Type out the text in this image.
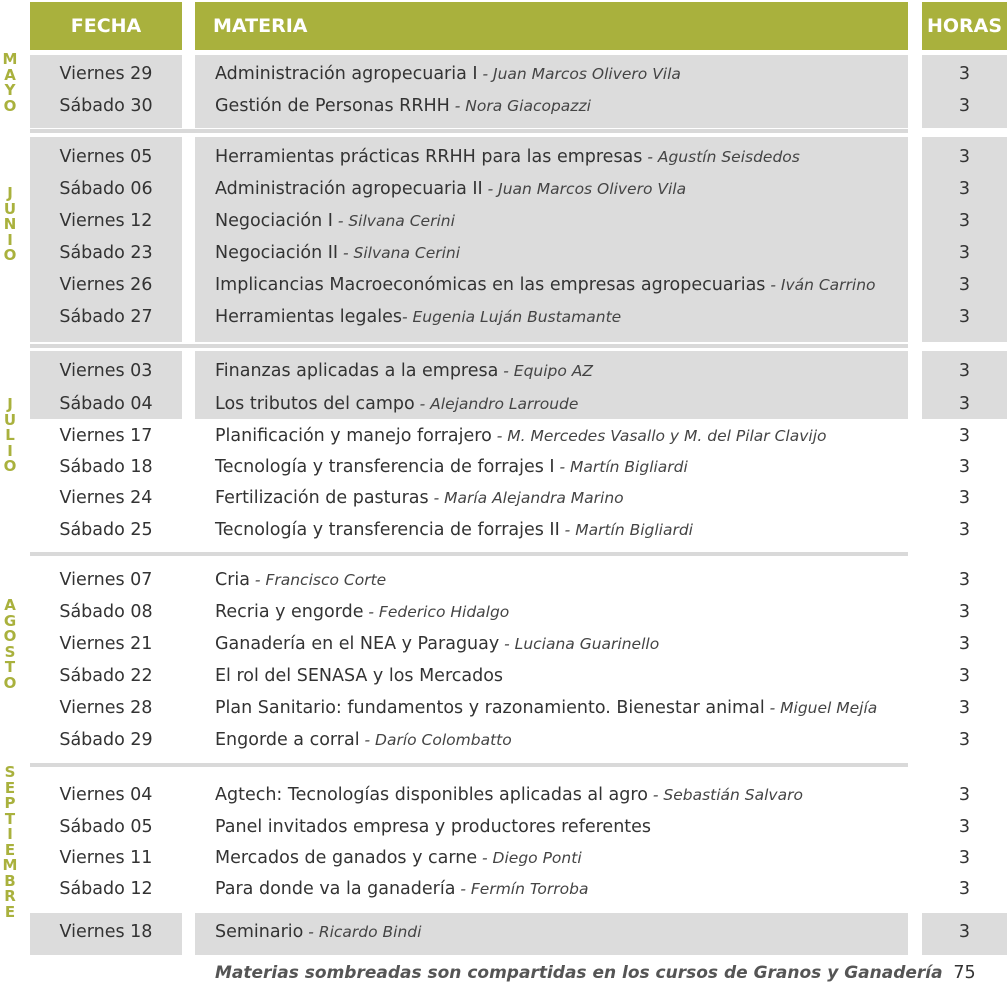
FECHA	MATERIA	HORAS
M
A
Y
O
Viernes 29	Administración agropecuaria I - Juan Marcos Olivero Vila	3
Sábado 30	Gestión de Personas RRHH - Nora Giacopazzi	3
J
U
N
I
O
Viernes 05	Herramientas prácticas RRHH para las empresas - Agustín Seisdedos	3
Sábado 06	Administración agropecuaria II - Juan Marcos Olivero Vila	3
Viernes 12	Negociación I - Silvana Cerini	3
Sábado 23	Negociación II - Silvana Cerini	3
Viernes 26	Implicancias Macroeconómicas en las empresas agropecuarias - Iván Carrino	3
Sábado 27	Herramientas legales- Eugenia Luján Bustamante	3
J
U
L
I
O
Viernes 03	Finanzas aplicadas a la empresa - Equipo AZ	3
Sábado 04	Los tributos del campo - Alejandro Larroude	3
Viernes 17	Planificación y manejo forrajero - M. Mercedes Vasallo y M. del Pilar Clavijo	3
Sábado 18	Tecnología y transferencia de forrajes I - Martín Bigliardi	3
Viernes 24	Fertilización de pasturas - María Alejandra Marino	3
Sábado 25	Tecnología y transferencia de forrajes II - Martín Bigliardi	3
A
G
O
S
T
O
Viernes 07	Cria - Francisco Corte	3
Sábado 08	Recria y engorde - Federico Hidalgo	3
Viernes 21	Ganadería en el NEA y Paraguay - Luciana Guarinello	3
Sábado 22	El rol del SENASA y los Mercados	3
Viernes 28	Plan Sanitario: fundamentos y razonamiento. Bienestar animal - Miguel Mejía	3
Sábado 29	Engorde a corral - Darío Colombatto	3
S
E
P
T
I
E
M
B
R
E
Viernes 04	Agtech: Tecnologías disponibles aplicadas al agro - Sebastián Salvaro	3
Sábado 05	Panel invitados empresa y productores referentes	3
Viernes 11	Mercados de ganados y carne - Diego Ponti	3
Sábado 12	Para donde va la ganadería - Fermín Torroba	3
Viernes 18	Seminario - Ricardo Bindi	3
Materias sombreadas son compartidas en los cursos de Granos y Ganadería 75
